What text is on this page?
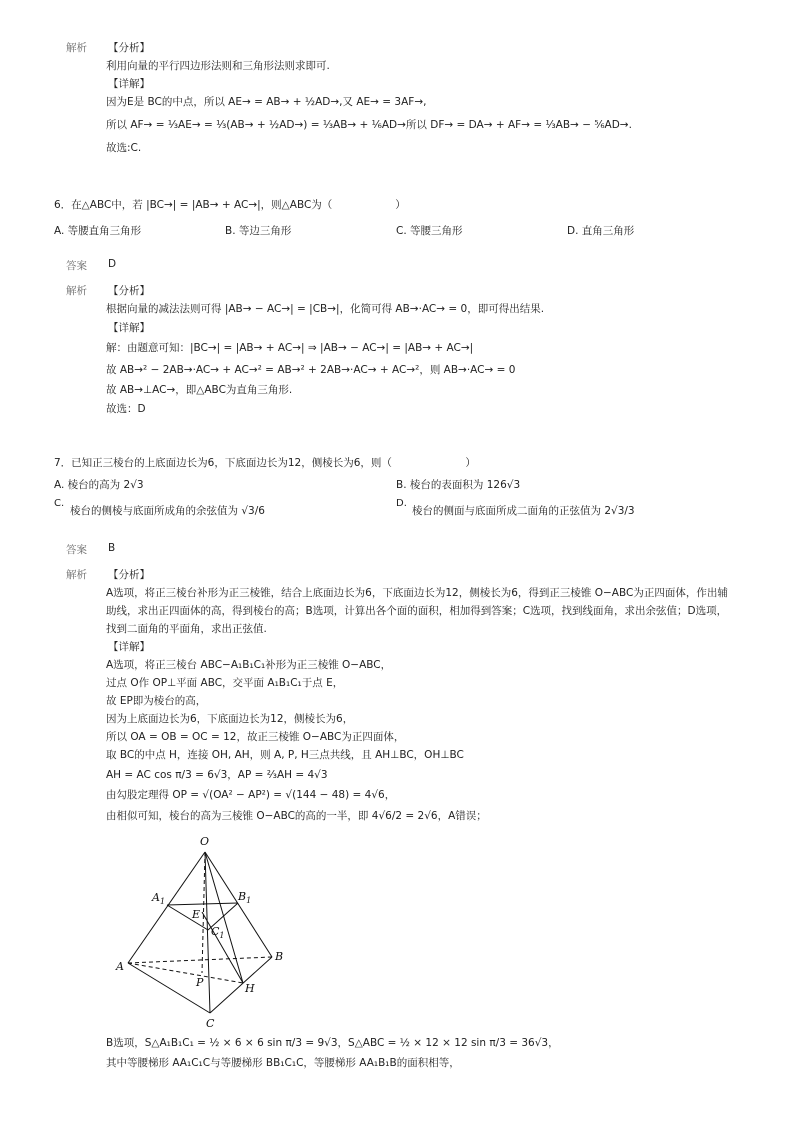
解析 【分析】
利用向量的平行四边形法则和三角形法则求即可.
【详解】
因为E是 BC的中点，所以 AE→ = AB→ + ½AD→,又 AE→ = 3AF→,
所以 AF→ = ⅓AE→ = ⅓(AB→ + ½AD→) = ⅓AB→ + ⅙AD→所以 DF→ = DA→ + AF→ = ⅓AB→ − ⅚AD→.
故选:C.
6．在△ABC中，若 |BC→| = |AB→ + AC→|，则△ABC为（　　　　　　）
A. 等腰直角三角形	B. 等边三角形	C. 等腰三角形	D. 直角三角形
答案 D
解析 【分析】
根据向量的减法法则可得 |AB→ − AC→| = |CB→|，化简可得 AB→·AC→ = 0，即可得出结果.
【详解】
解：由题意可知：|BC→| = |AB→ + AC→| ⇒ |AB→ − AC→| = |AB→ + AC→|
故 AB→² − 2AB→·AC→ + AC→² = AB→² + 2AB→·AC→ + AC→²，则 AB→·AC→ = 0
故 AB→⊥AC→，即△ABC为直角三角形.
故选：D
7．已知正三棱台的上底面边长为6，下底面边长为12，侧棱长为6，则（　　　　　　　）
A. 棱台的高为 2√3	B. 棱台的表面积为 126√3
C.
棱台的侧棱与底面所成角的余弦值为 √3/6
D.
棱台的侧面与底面所成二面角的正弦值为 2√3/3
答案 B
解析 【分析】
A选项，将正三棱台补形为正三棱锥，结合上底面边长为6，下底面边长为12，侧棱长为6，得到正三棱锥 O−ABC为正四面体，作出辅
助线，求出正四面体的高，得到棱台的高；B选项，计算出各个面的面积，相加得到答案；C选项，找到线面角，求出余弦值；D选项，
找到二面角的平面角，求出正弦值.
【详解】
A选项，将正三棱台 ABC−A₁B₁C₁补形为正三棱锥 O−ABC，
过点 O作 OP⊥平面 ABC，交平面 A₁B₁C₁于点 E，
故 EP即为棱台的高，
因为上底面边长为6，下底面边长为12，侧棱长为6，
所以 OA = OB = OC = 12，故正三棱锥 O−ABC为正四面体，
取 BC的中点 H，连接 OH, AH，则 A, P, H三点共线，且 AH⊥BC，OH⊥BC
AH = AC cos π/3 = 6√3，AP = ⅔AH = 4√3
由勾股定理得 OP = √(OA² − AP²) = √(144 − 48) = 4√6，
由相似可知，棱台的高为三棱锥 O−ABC的高的一半，即 4√6/2 = 2√6，A错误；
O
$A_1$	$B_1$
E
$C_1$
A
B
P	H
C
B选项，S△A₁B₁C₁ = ½ × 6 × 6 sin π/3 = 9√3，S△ABC = ½ × 12 × 12 sin π/3 = 36√3，
其中等腰梯形 AA₁C₁C与等腰梯形 BB₁C₁C，等腰梯形 AA₁B₁B的面积相等，
